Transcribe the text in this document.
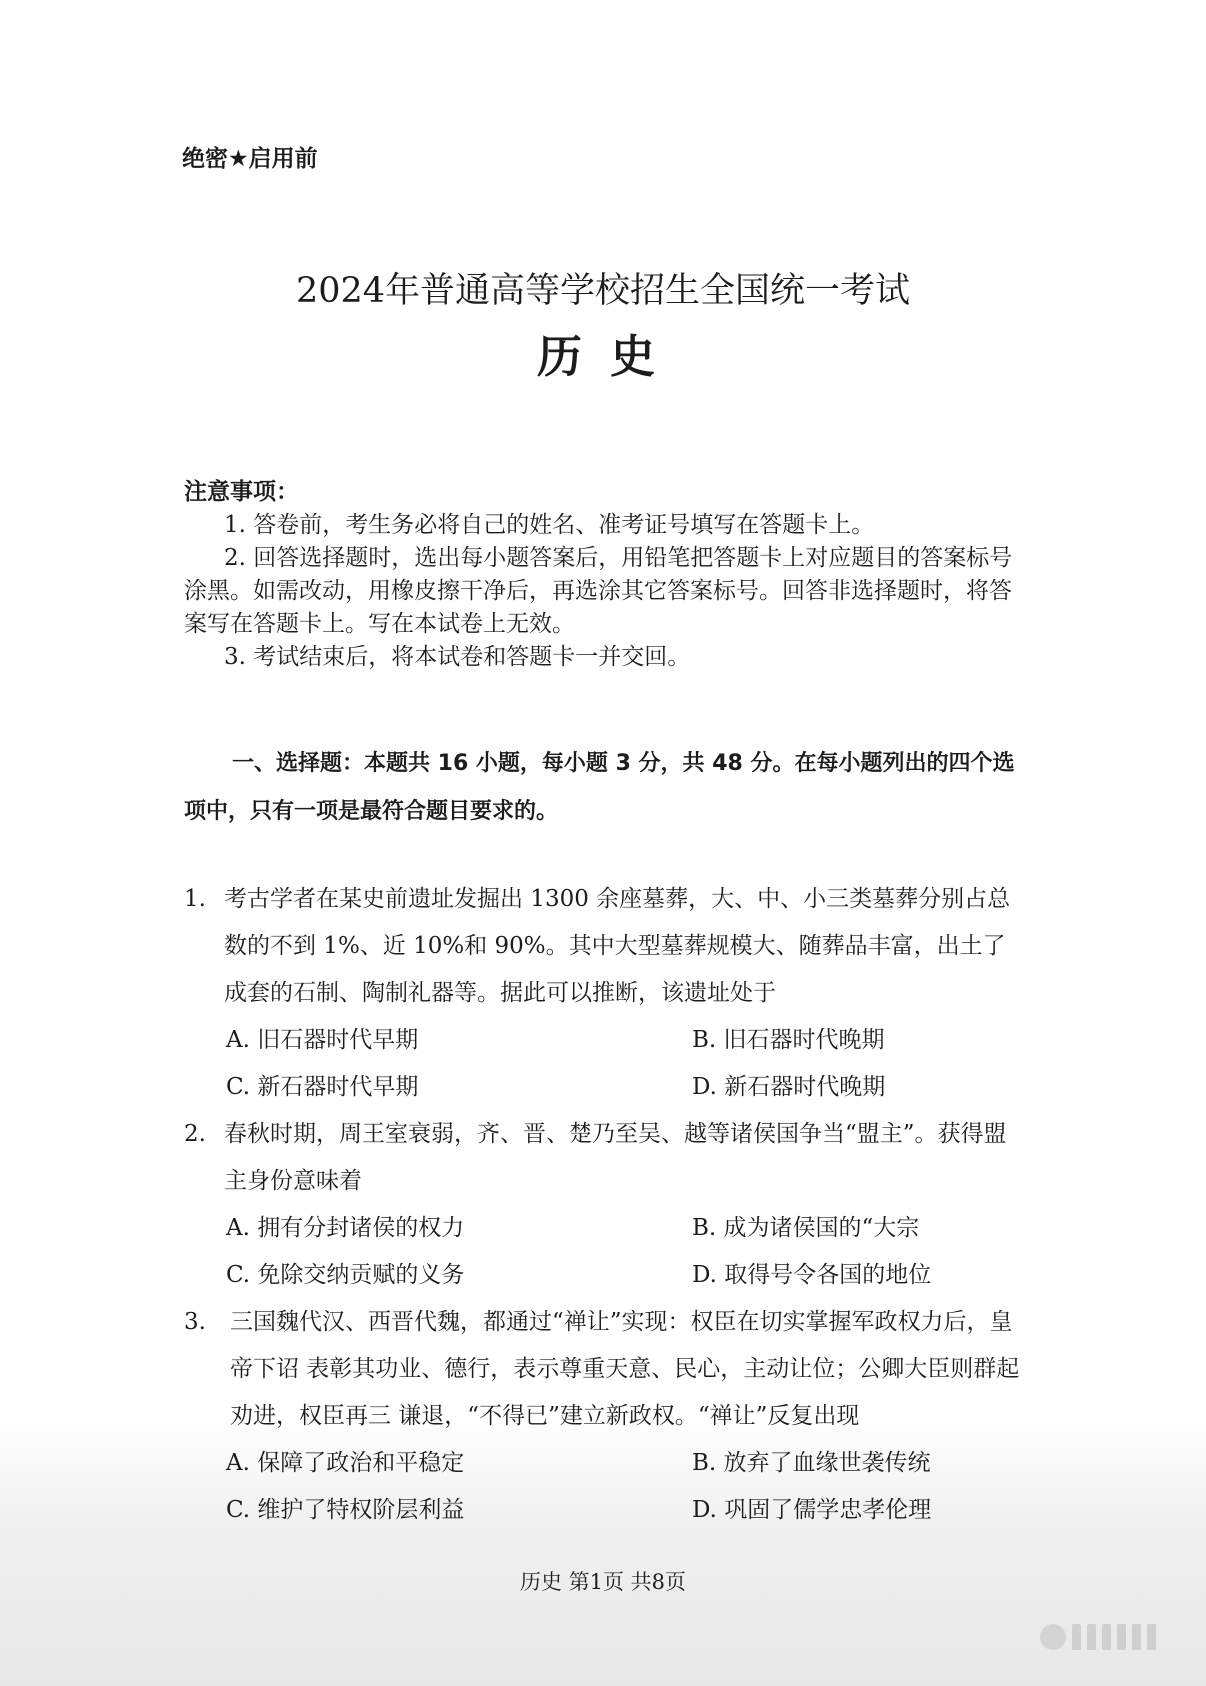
绝密★启用前
2024年普通高等学校招生全国统一考试
历史
注意事项：
1. 答卷前，考生务必将自己的姓名、准考证号填写在答题卡上。
2. 回答选择题时，选出每小题答案后，用铅笔把答题卡上对应题目的答案标号涂黑。如需改动，用橡皮擦干净后，再选涂其它答案标号。回答非选择题时，将答案写在答题卡上。写在本试卷上无效。
3. 考试结束后，将本试卷和答题卡一并交回。
一、选择题：本题共 16 小题，每小题 3 分，共 48 分。在每小题列出的四个选项中，只有一项是最符合题目要求的。
1. 考古学者在某史前遗址发掘出 1300 余座墓葬，大、中、小三类墓葬分别占总数的不到 1%、近 10%和 90%。其中大型墓葬规模大、随葬品丰富，出土了成套的石制、陶制礼器等。据此可以推断，该遗址处于
A. 旧石器时代早期	B. 旧石器时代晚期
C. 新石器时代早期	D. 新石器时代晚期
2. 春秋时期，周王室衰弱，齐、晋、楚乃至吴、越等诸侯国争当“盟主”。获得盟主身份意味着
A. 拥有分封诸侯的权力	B. 成为诸侯国的“大宗
C. 免除交纳贡赋的义务	D. 取得号令各国的地位
3. 三国魏代汉、西晋代魏，都通过“禅让”实现：权臣在切实掌握军政权力后，皇帝下诏 表彰其功业、德行，表示尊重天意、民心，主动让位；公卿大臣则群起劝进，权臣再三 谦退，“不得已”建立新政权。“禅让”反复出现
A. 保障了政治和平稳定	B. 放弃了血缘世袭传统
C. 维护了特权阶层利益	D. 巩固了儒学忠孝伦理
历史 第1页 共8页
